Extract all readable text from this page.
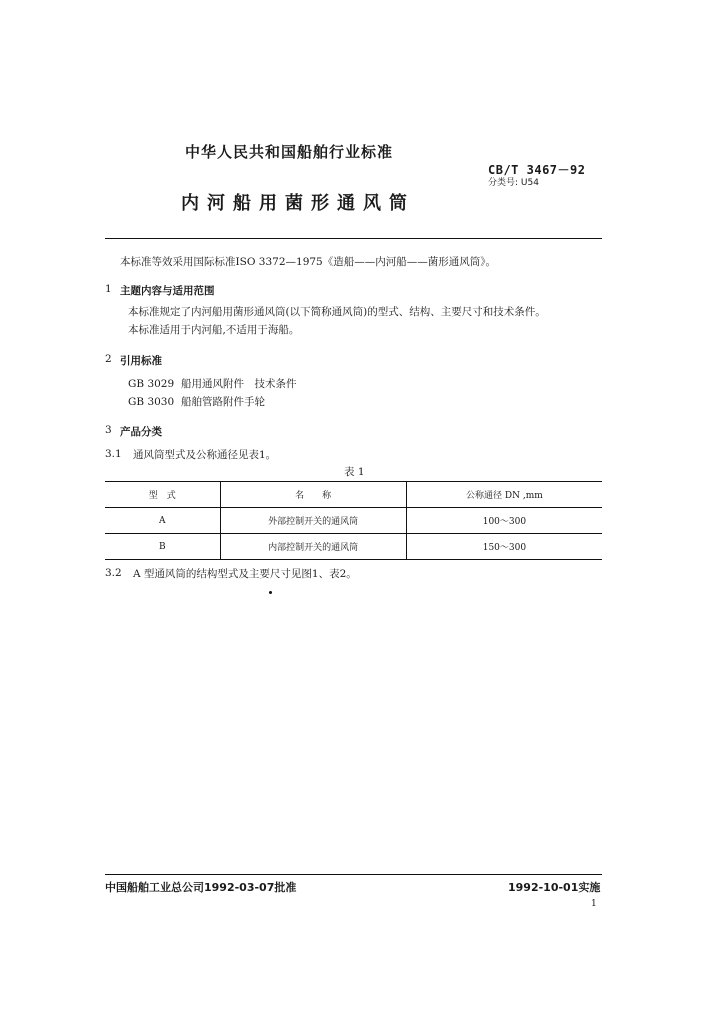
中华人民共和国船舶行业标准
CB/T 3467－92
分类号: U54
内河船用菌形通风筒
本标准等效采用国际标准ISO 3372—1975《造船——内河船——菌形通风筒》。
1 主题内容与适用范围
本标准规定了内河船用菌形通风筒(以下简称通风筒)的型式、结构、主要尺寸和技术条件。
本标准适用于内河船,不适用于海船。
2 引用标准
GB 3029 船用通风附件　技术条件
GB 3030 船舶管路附件手轮
3 产品分类
3.1 通风筒型式及公称通径见表1。
表 1
型　式	名　　称	公称通径 DN ,mm
A	外部控制开关的通风筒	100～300
B	内部控制开关的通风筒	150～300
3.2 A 型通风筒的结构型式及主要尺寸见图1、表2。
中国船舶工业总公司1992-03-07批准	1992-10-01实施
1
